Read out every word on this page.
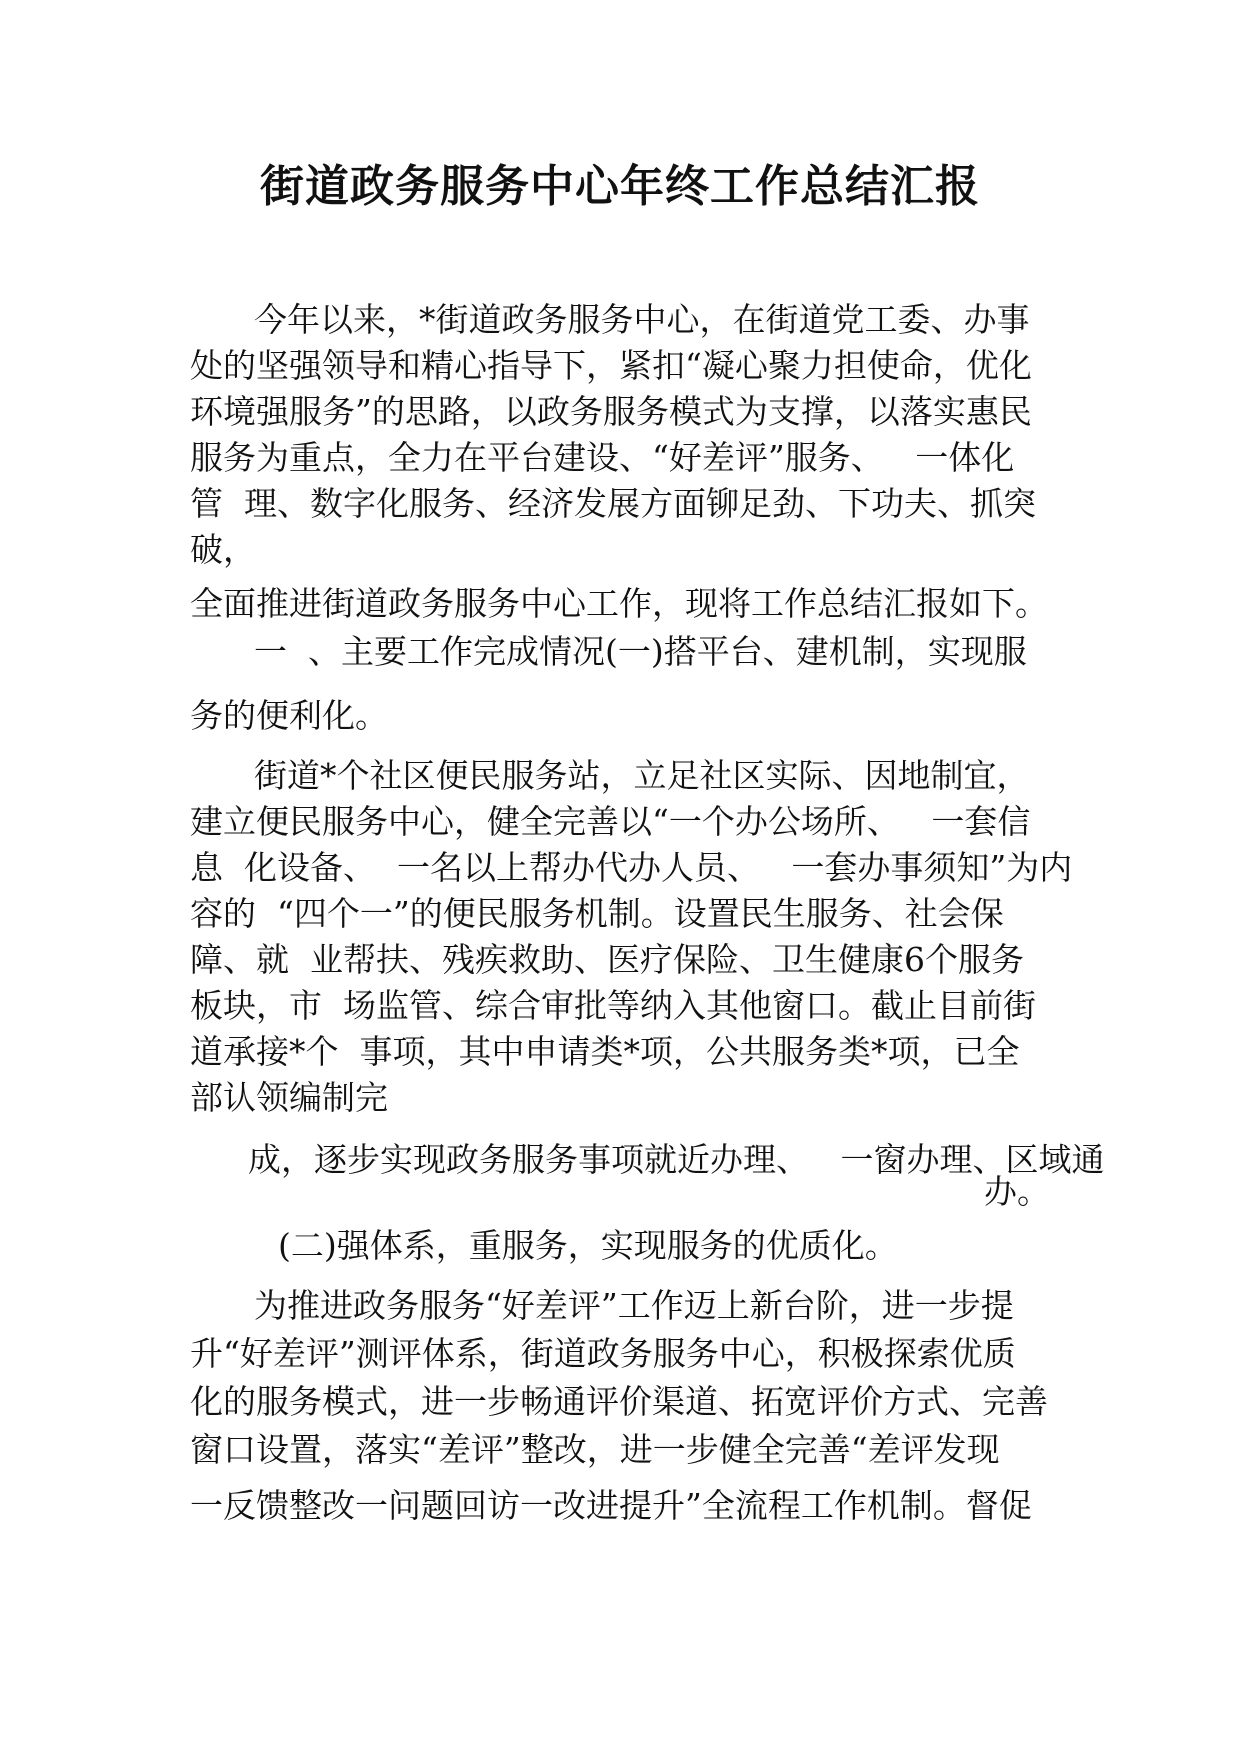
街道政务服务中心年终工作总结汇报

今年以来，*街道政务服务中心，在街道党工委、办事

处的坚强领导和精心指导下，紧扣“凝心聚力担使命，优化

环境强服务”的思路，以政务服务模式为支撑，以落实惠民

服务为重点，全力在平台建设、“好差评”服务、   一体化

管  理、数字化服务、经济发展方面铆足劲、下功夫、抓突

破，

全面推进街道政务服务中心工作，现将工作总结汇报如下。

一  、主要工作完成情况(一)搭平台、建机制，实现服

务的便利化。

街道*个社区便民服务站，立足社区实际、因地制宜，

建立便民服务中心，健全完善以“一个办公场所、   一套信

息  化设备、  一名以上帮办代办人员、   一套办事须知”为内

容的  “四个一”的便民服务机制。设置民生服务、社会保

障、就  业帮扶、残疾救助、医疗保险、卫生健康6个服务

板块，市  场监管、综合审批等纳入其他窗口。截止目前街

道承接*个  事项，其中申请类*项，公共服务类*项，已全

部认领编制完

成，逐步实现政务服务事项就近办理、   一窗办理、区域通

办。

(二)强体系，重服务，实现服务的优质化。

为推进政务服务“好差评”工作迈上新台阶，进一步提

升“好差评”测评体系，街道政务服务中心，积极探索优质

化的服务模式，进一步畅通评价渠道、拓宽评价方式、完善

窗口设置，落实“差评”整改，进一步健全完善“差评发现

一反馈整改一问题回访一改进提升”全流程工作机制。督促
